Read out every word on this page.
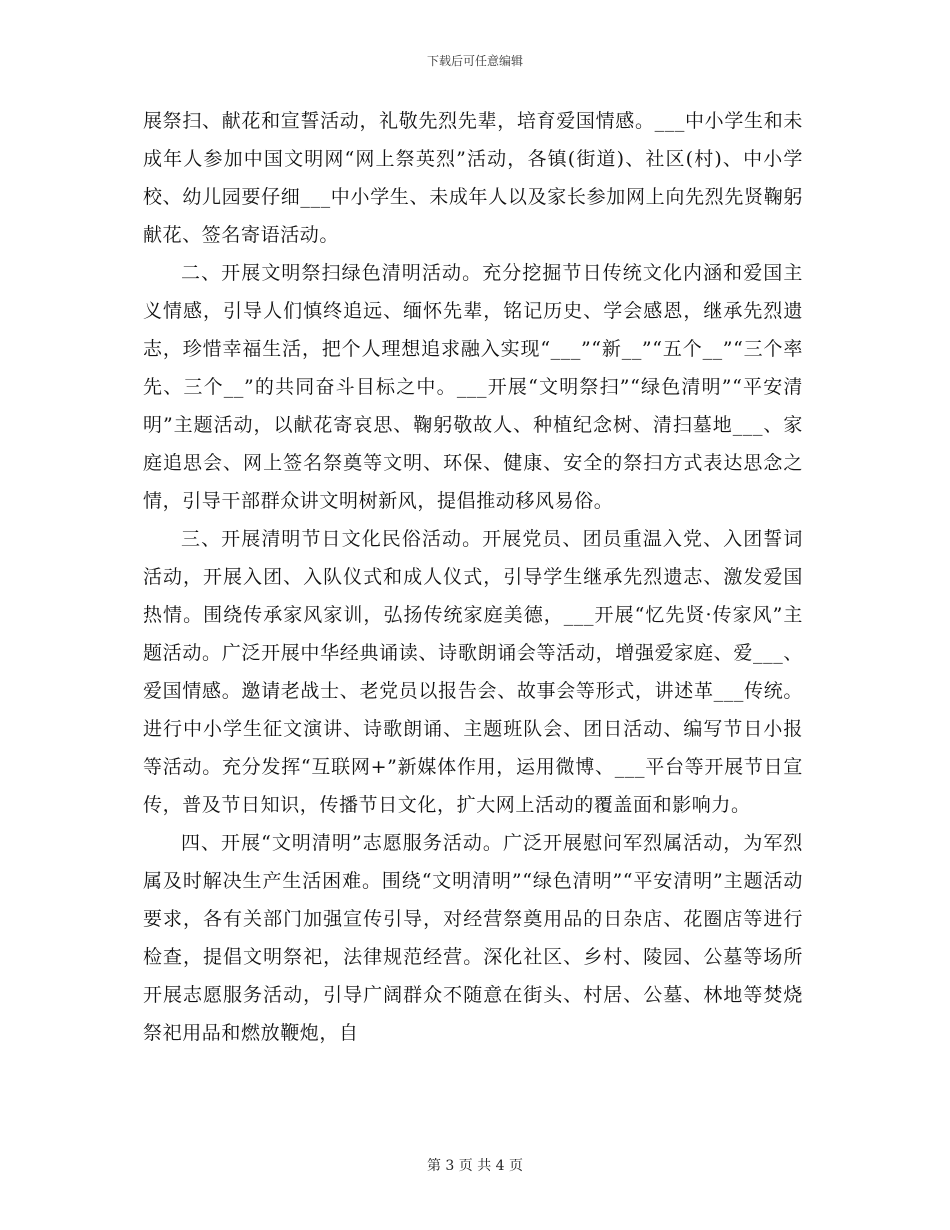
下载后可任意编辑

展祭扫、献花和宣誓活动，礼敬先烈先辈，培育爱国情感。___中小学生和未成年人参加中国文明网“网上祭英烈”活动，各镇(街道)、社区(村)、中小学校、幼儿园要仔细___中小学生、未成年人以及家长参加网上向先烈先贤鞠躬献花、签名寄语活动。

二、开展文明祭扫绿色清明活动。充分挖掘节日传统文化内涵和爱国主义情感，引导人们慎终追远、缅怀先辈，铭记历史、学会感恩，继承先烈遗志，珍惜幸福生活，把个人理想追求融入实现“___”“新__”“五个__”“三个率先、三个__”的共同奋斗目标之中。___开展“文明祭扫”“绿色清明”“平安清明”主题活动，以献花寄哀思、鞠躬敬故人、种植纪念树、清扫墓地___、家庭追思会、网上签名祭奠等文明、环保、健康、安全的祭扫方式表达思念之情，引导干部群众讲文明树新风，提倡推动移风易俗。

三、开展清明节日文化民俗活动。开展党员、团员重温入党、入团誓词活动，开展入团、入队仪式和成人仪式，引导学生继承先烈遗志、激发爱国热情。围绕传承家风家训，弘扬传统家庭美德，___开展“忆先贤·传家风”主题活动。广泛开展中华经典诵读、诗歌朗诵会等活动，增强爱家庭、爱___、爱国情感。邀请老战士、老党员以报告会、故事会等形式，讲述革___传统。进行中小学生征文演讲、诗歌朗诵、主题班队会、团日活动、编写节日小报等活动。充分发挥“互联网+”新媒体作用，运用微博、___平台等开展节日宣传，普及节日知识，传播节日文化，扩大网上活动的覆盖面和影响力。

四、开展“文明清明”志愿服务活动。广泛开展慰问军烈属活动，为军烈属及时解决生产生活困难。围绕“文明清明”“绿色清明”“平安清明”主题活动要求，各有关部门加强宣传引导，对经营祭奠用品的日杂店、花圈店等进行检查，提倡文明祭祀，法律规范经营。深化社区、乡村、陵园、公墓等场所开展志愿服务活动，引导广阔群众不随意在街头、村居、公墓、林地等焚烧祭祀用品和燃放鞭炮，自

第 3 页 共 4 页
